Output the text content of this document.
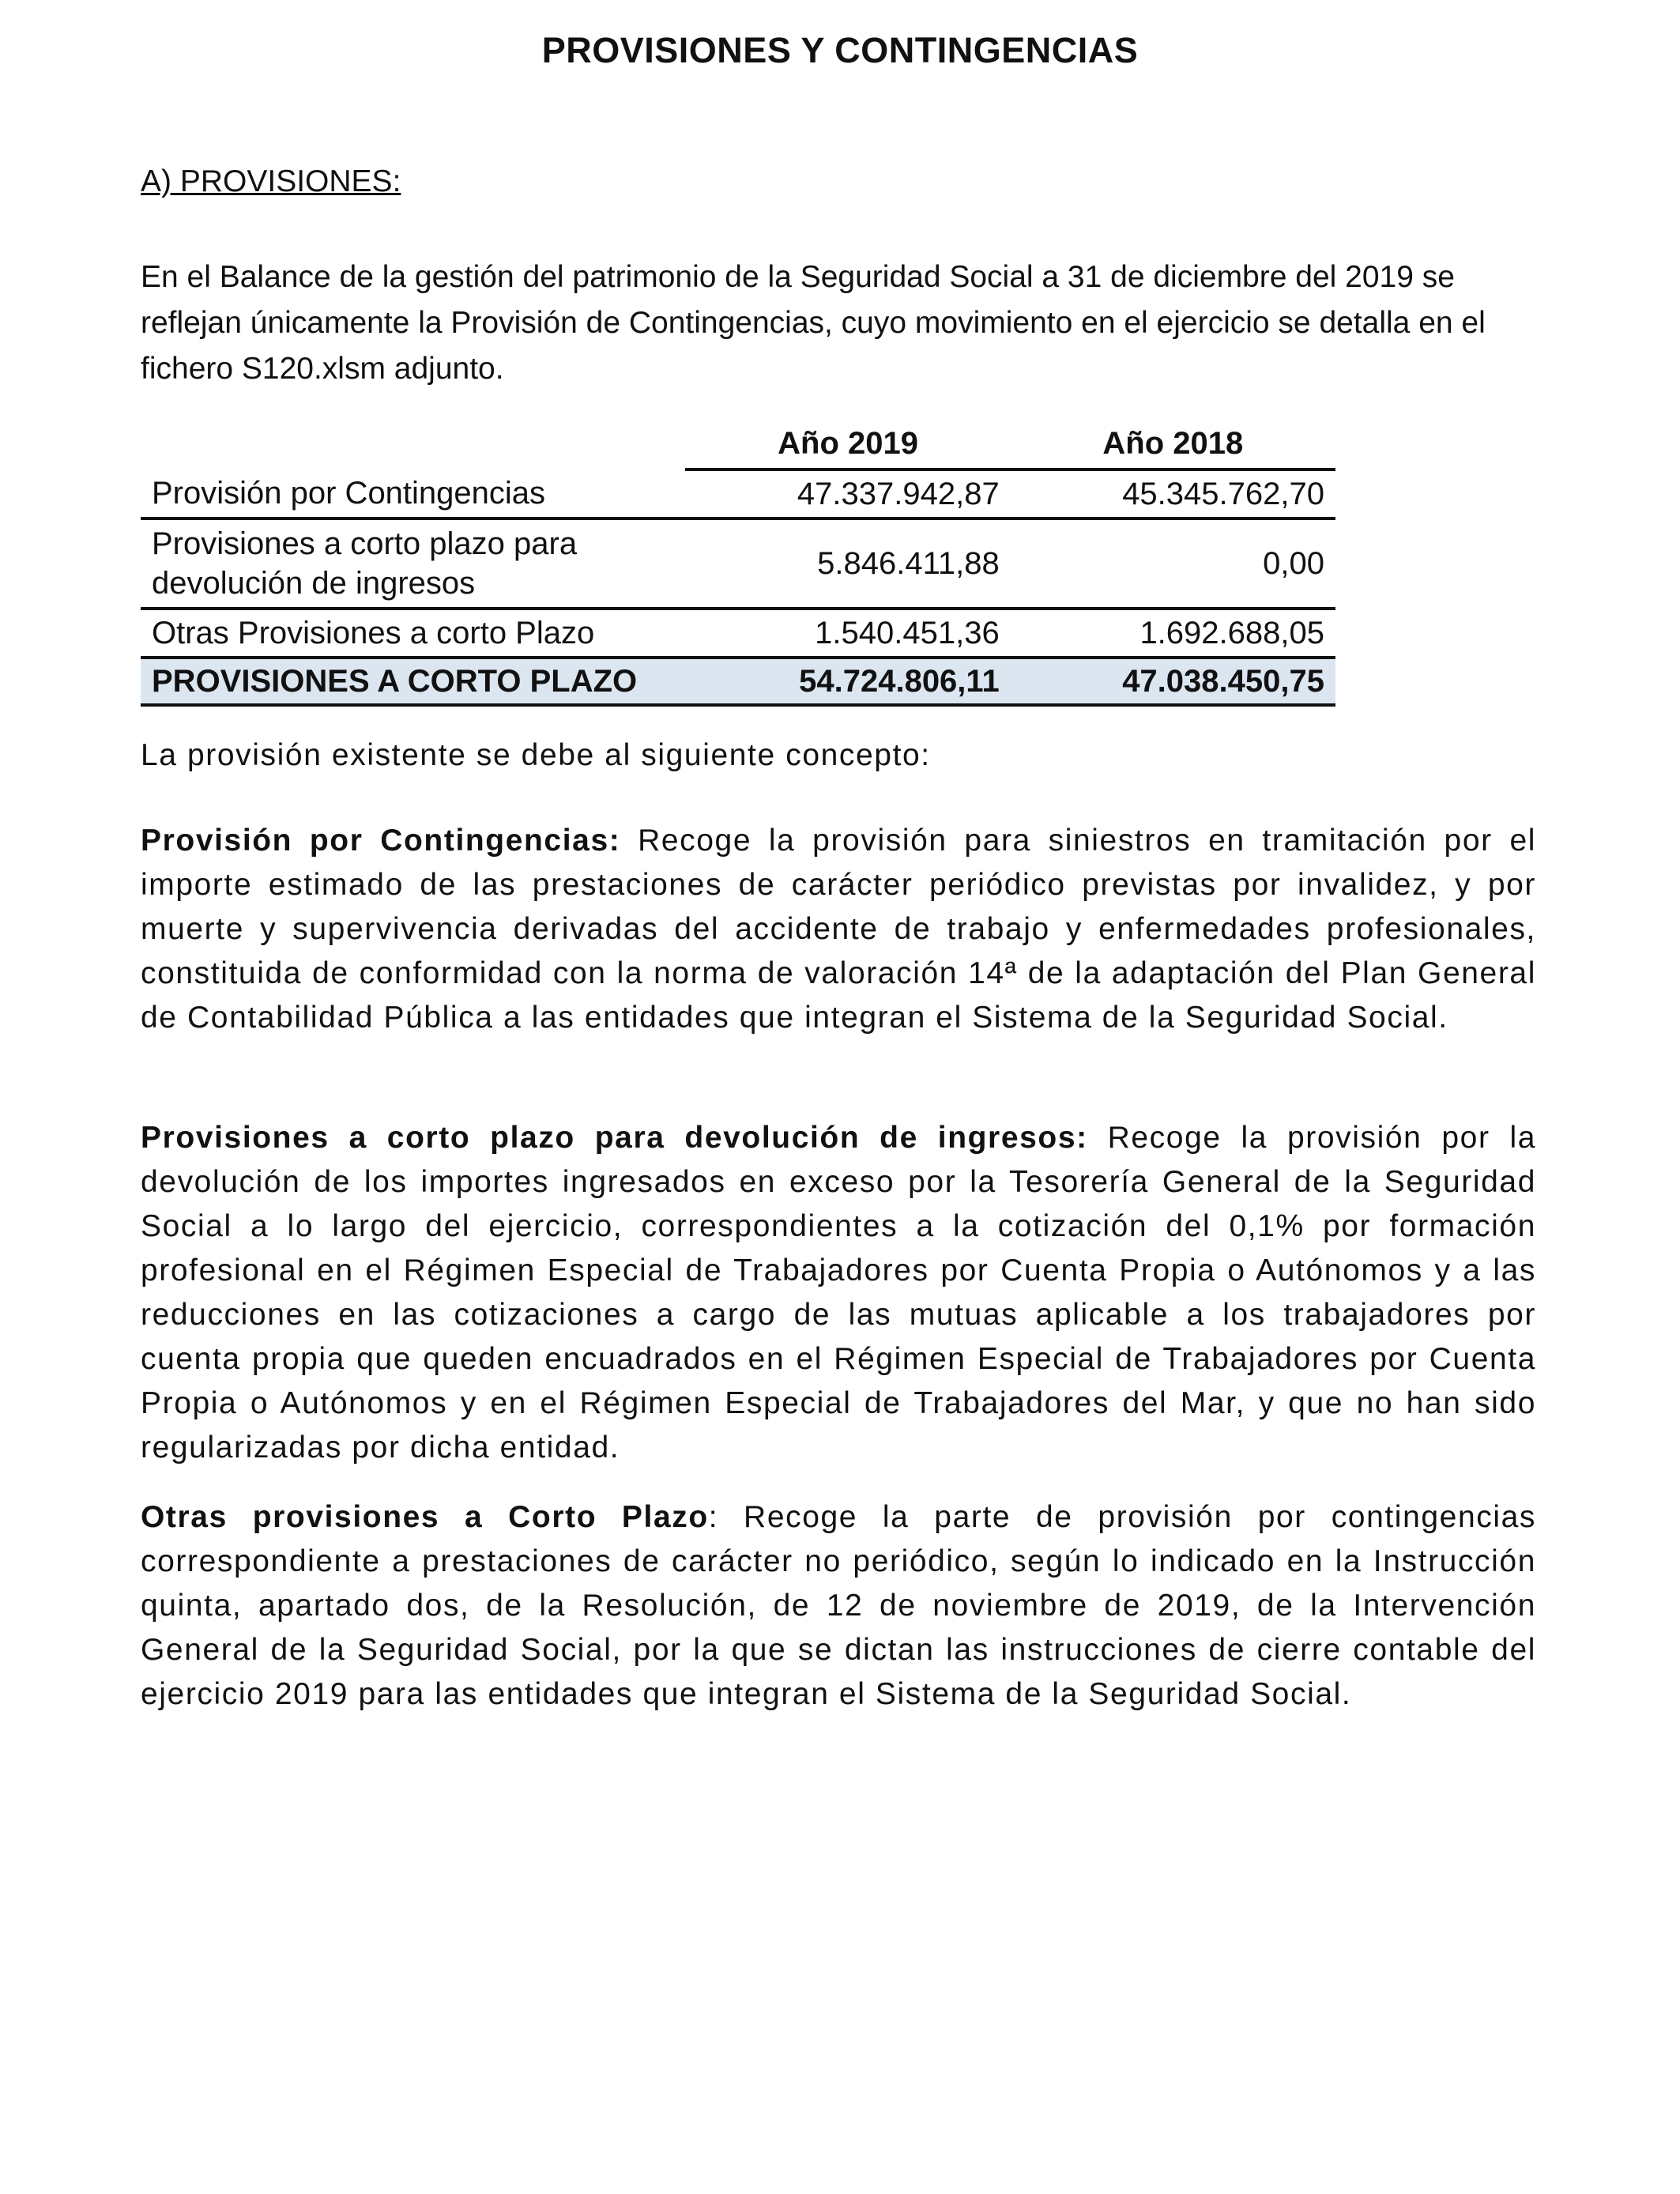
PROVISIONES Y CONTINGENCIAS
A) PROVISIONES:
En el Balance de la gestión del patrimonio de la Seguridad Social a 31 de diciembre del 2019 se reflejan únicamente la Provisión de Contingencias, cuyo movimiento en el ejercicio se detalla en el fichero S120.xlsm adjunto.
	Año 2019	Año 2018
Provisión por Contingencias	47.337.942,87	45.345.762,70
Provisiones a corto plazo para devolución de ingresos	5.846.411,88	0,00
Otras Provisiones a corto Plazo	1.540.451,36	1.692.688,05
PROVISIONES A CORTO PLAZO	54.724.806,11	47.038.450,75
La provisión existente se debe al siguiente concepto:
Provisión por Contingencias: Recoge la provisión para siniestros en tramitación por el importe estimado de las prestaciones de carácter periódico previstas por invalidez, y por muerte y supervivencia derivadas del accidente de trabajo y enfermedades profesionales, constituida de conformidad con la norma de valoración 14ª de la adaptación del Plan General de Contabilidad Pública a las entidades que integran el Sistema de la Seguridad Social.
Provisiones a corto plazo para devolución de ingresos: Recoge la provisión por la devolución de los importes ingresados en exceso por la Tesorería General de la Seguridad Social a lo largo del ejercicio, correspondientes a la cotización del 0,1% por formación profesional en el Régimen Especial de Trabajadores por Cuenta Propia o Autónomos y a las reducciones en las cotizaciones a cargo de las mutuas aplicable a los trabajadores por cuenta propia que queden encuadrados en el Régimen Especial de Trabajadores por Cuenta Propia o Autónomos y en el Régimen Especial de Trabajadores del Mar, y que no han sido regularizadas por dicha entidad.
Otras provisiones a Corto Plazo: Recoge la parte de provisión por contingencias correspondiente a prestaciones de carácter no periódico, según lo indicado en la Instrucción quinta, apartado dos, de la Resolución, de 12 de noviembre de 2019, de la Intervención General de la Seguridad Social, por la que se dictan las instrucciones de cierre contable del ejercicio 2019 para las entidades que integran el Sistema de la Seguridad Social.
